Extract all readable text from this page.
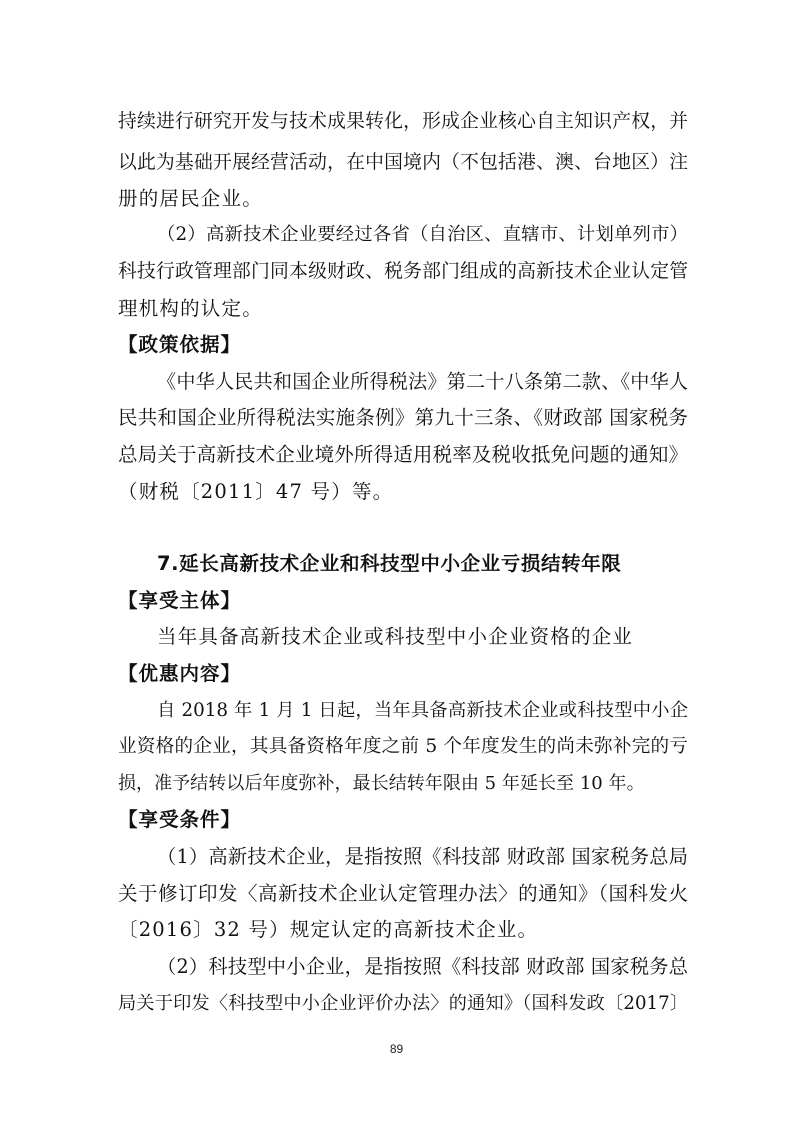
持续进行研究开发与技术成果转化，形成企业核心自主知识产权，并
以此为基础开展经营活动，在中国境内（不包括港、澳、台地区）注
册的居民企业。
（2）高新技术企业要经过各省（自治区、直辖市、计划单列市）
科技行政管理部门同本级财政、税务部门组成的高新技术企业认定管
理机构的认定。
【政策依据】
《中华人民共和国企业所得税法》第二十八条第二款、《中华人
民共和国企业所得税法实施条例》第九十三条、《财政部 国家税务
总局关于高新技术企业境外所得适用税率及税收抵免问题的通知》
（财税〔2011〕47 号）等。
7.延长高新技术企业和科技型中小企业亏损结转年限
【享受主体】
当年具备高新技术企业或科技型中小企业资格的企业
【优惠内容】
自 2018 年 1 月 1 日起，当年具备高新技术企业或科技型中小企
业资格的企业，其具备资格年度之前 5 个年度发生的尚未弥补完的亏
损，准予结转以后年度弥补，最长结转年限由 5 年延长至 10 年。
【享受条件】
（1）高新技术企业，是指按照《科技部 财政部 国家税务总局
关于修订印发〈高新技术企业认定管理办法〉的通知》（国科发火
〔2016〕32 号）规定认定的高新技术企业。
（2）科技型中小企业，是指按照《科技部 财政部 国家税务总
局关于印发〈科技型中小企业评价办法〉的通知》（国科发政〔2017〕
89
